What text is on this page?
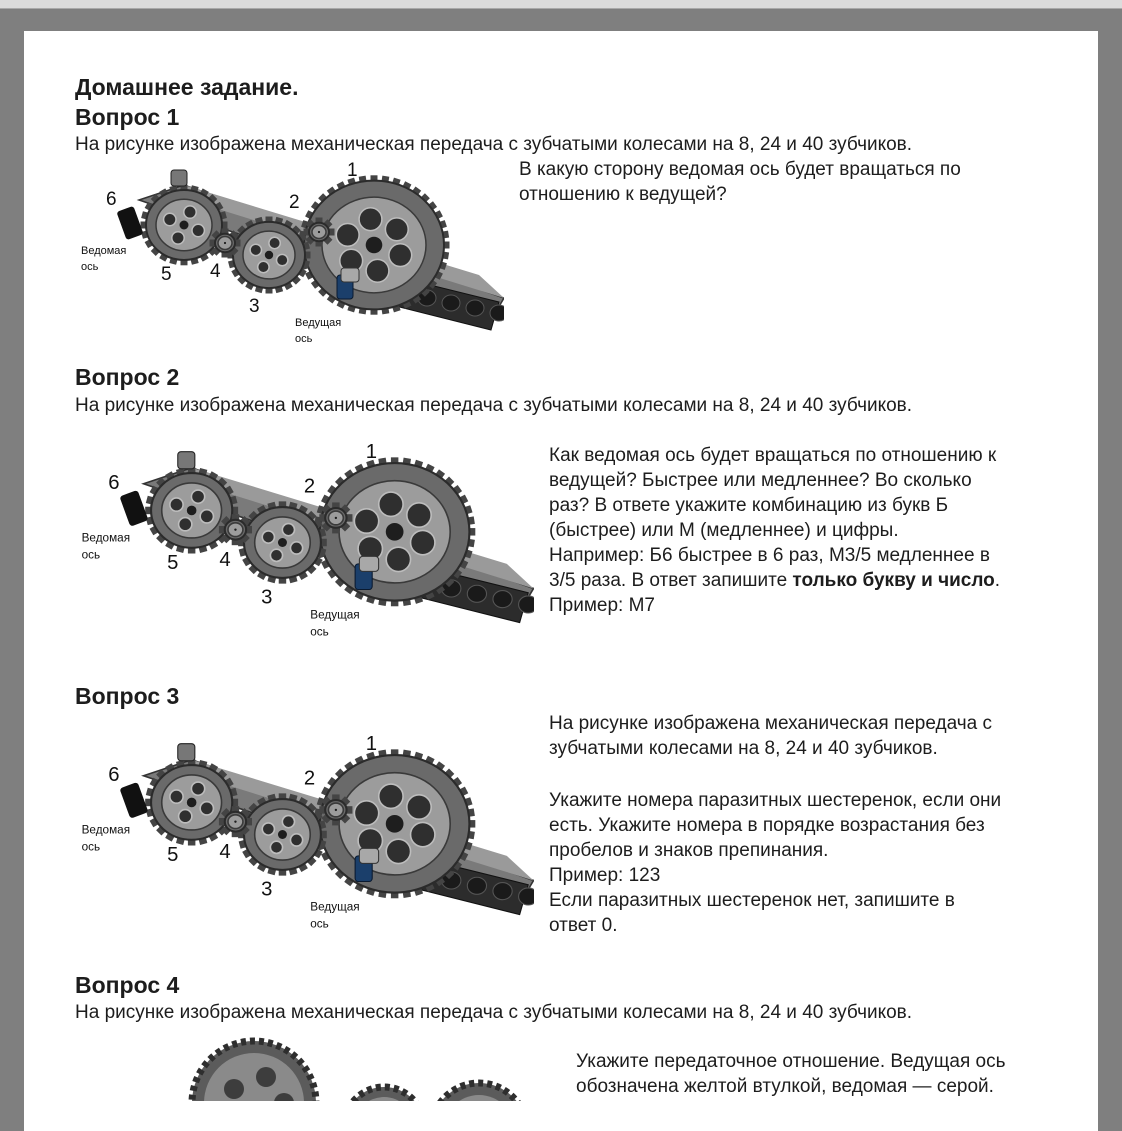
Домашнее задание.
Вопрос 1
На рисунке изображена механическая передача с зубчатыми колесами на 8, 24 и 40 зубчиков.
В какую сторону ведомая ось будет вращаться по
отношению к ведущей?
6	2
1
5 4
3
Ведомая
ось
Ведущая
ось
Вопрос 2
На рисунке изображена механическая передача с зубчатыми колесами на 8, 24 и 40 зубчиков.
Как ведомая ось будет вращаться по отношению к
ведущей? Быстрее или медленнее? Во сколько
раз? В ответе укажите комбинацию из букв Б
(быстрее) или М (медленнее) и цифры.
Например: Б6 быстрее в 6 раз, М3/5 медленнее в
3/5 раза. В ответ запишите только букву и число.
Пример: М7
6	2
1
5 4
3
Ведомая
ось
Ведущая
ось
Вопрос 3
На рисунке изображена механическая передача с
зубчатыми колесами на 8, 24 и 40 зубчиков.
Укажите номера паразитных шестеренок, если они
есть. Укажите номера в порядке возрастания без
пробелов и знаков препинания.
Пример: 123
Если паразитных шестеренок нет, запишите в
ответ 0.
6	2
1
5 4
3
Ведомая
ось
Ведущая
ось
Вопрос 4
На рисунке изображена механическая передача с зубчатыми колесами на 8, 24 и 40 зубчиков.
Укажите передаточное отношение. Ведущая ось
обозначена желтой втулкой, ведомая — серой.
